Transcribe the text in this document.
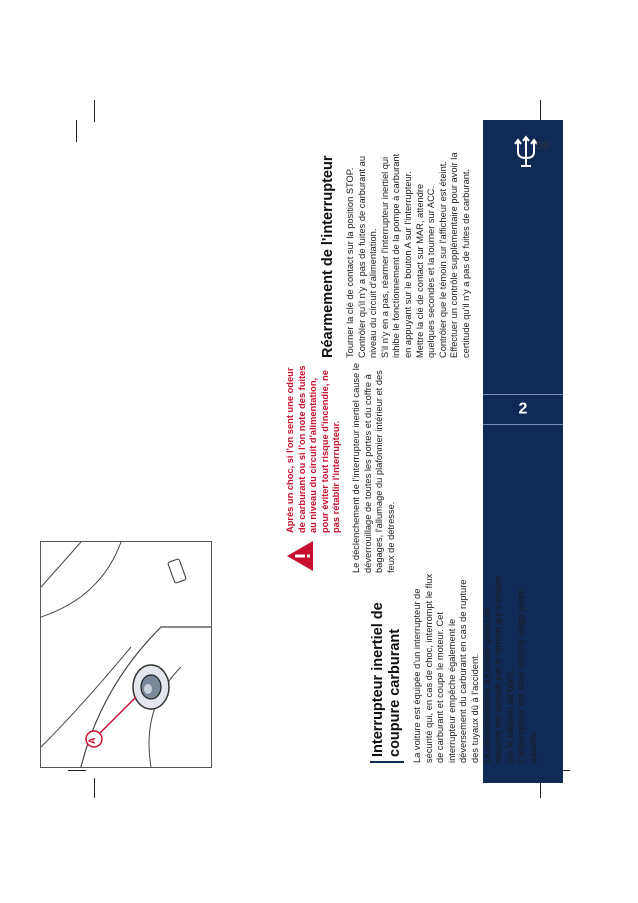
2
53
Interrupteur inertiel de coupure carburant La voiture est équipée d'un interrupteur de sécurité qui, en cas de choc, interrompt le flux de carburant et coupe le moteur. Cet interrupteur empêche également le déversement du carburant en cas de rupture des tuyaux dû à l'accident. Le déclenchement de l'interrupteur de sécurité est signalé par le témoin qui s'éclaire sur le tableau de bord. L'interrupteur est situé sous le siège avant gauche.

Après un choc, si l'on sent une odeur de carburant ou si l'on note des fuites au niveau du circuit d'alimentation, pour éviter tout risque d'incendie, ne pas rétablir l'interrupteur. Le déclenchement de l'interrupteur inertiel cause le déverrouillage de toutes les portes et du coffre à bagages, l'allumage du plafonnier intérieur et des feux de détresse.

Réarmement de l'interrupteur Tourner la clé de contact sur la position STOP. Contrôler qu'il n'y a pas de fuites de carburant au niveau du circuit d'alimentation. S'il n'y en a pas, réarmer l'interrupteur inertiel qui inhibe le fonctionnement de la pompe à carburant en appuyant sur le bouton A sur l'interrupteur. Mettre la clé de contact sur MAR, attendre quelques secondes et la tourner sur ACC. Contrôler que le témoin sur l'afficheur est éteint. Effectuer un contrôle supplémentaire pour avoir la certitude qu'il n'y a pas de fuites de carburant.

A
